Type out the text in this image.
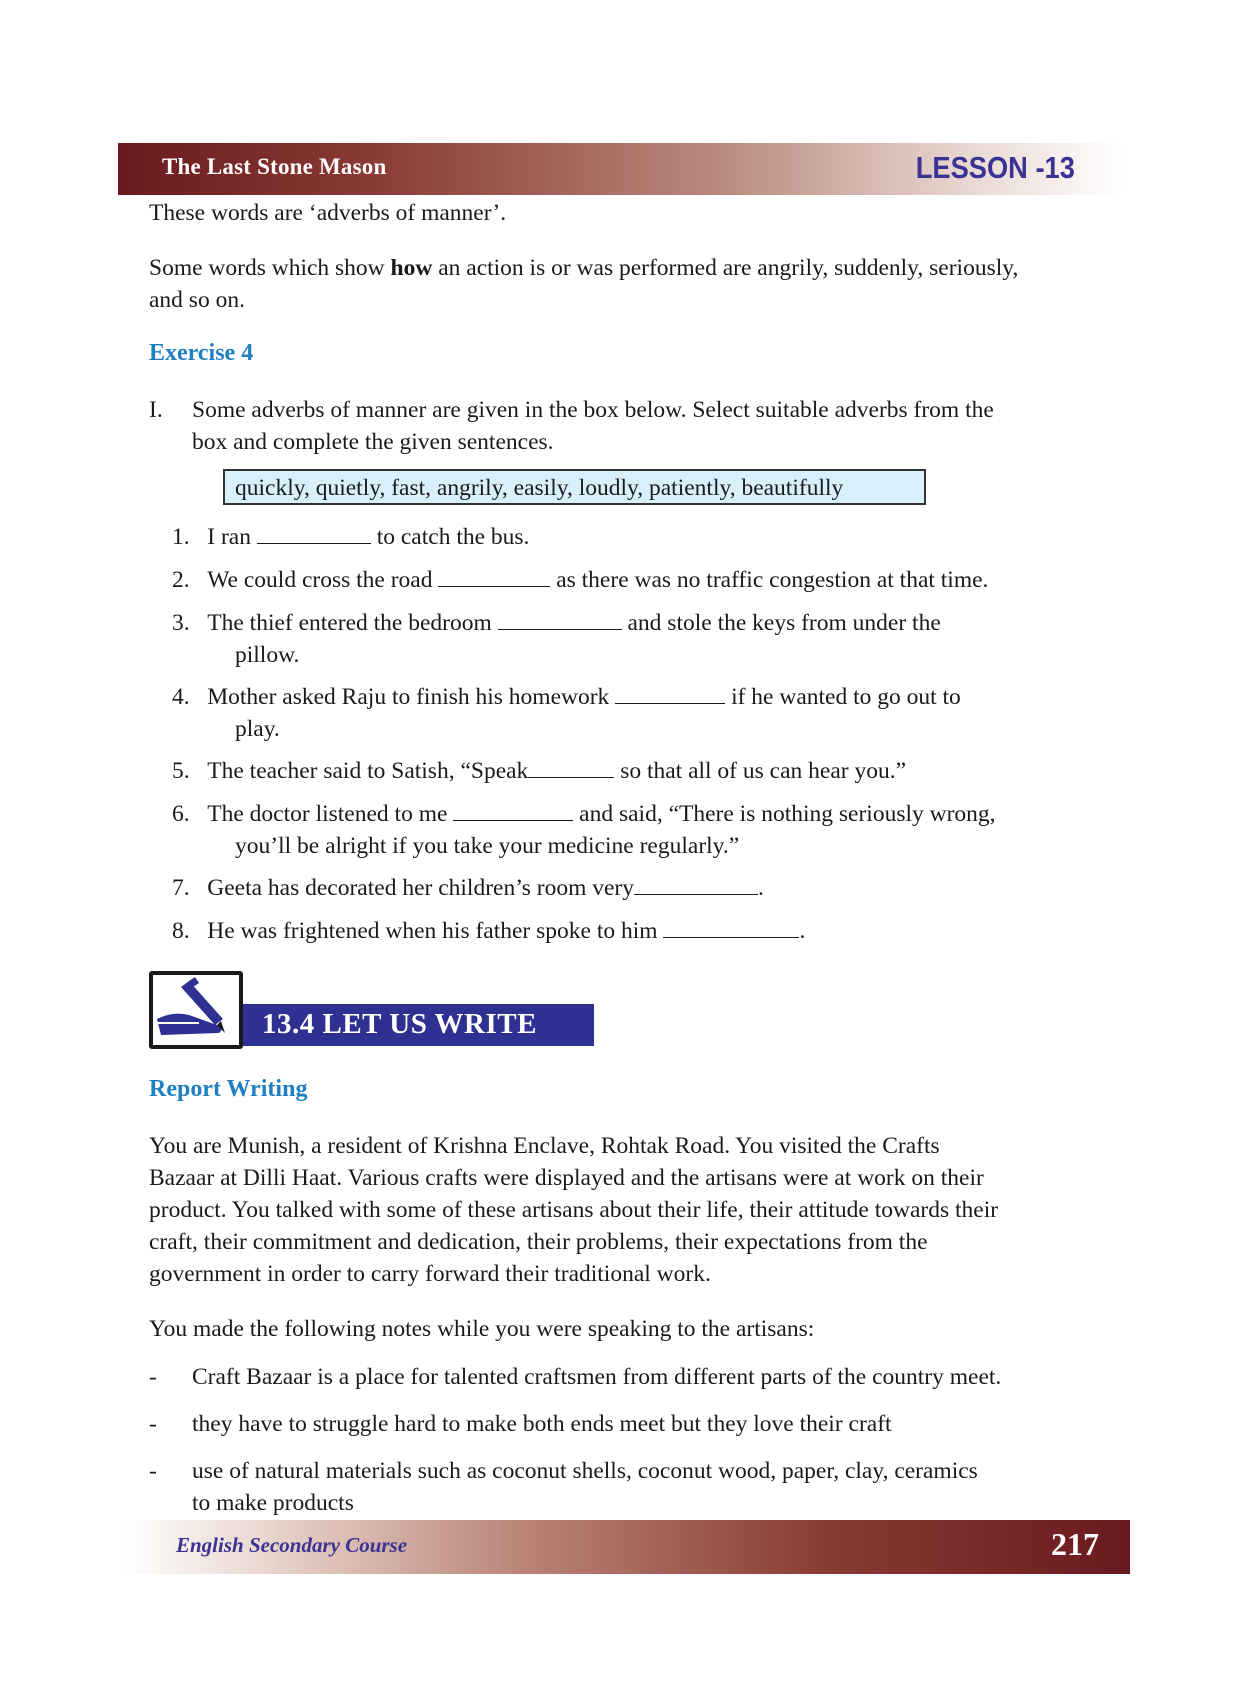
The Last Stone Mason	LESSON -13
These words are ‘adverbs of manner’.
Some words which show how an action is or was performed are angrily, suddenly, seriously,
and so on.
Exercise 4
I. Some adverbs of manner are given in the box below. Select suitable adverbs from the
box and complete the given sentences.
quickly, quietly, fast, angrily, easily, loudly, patiently, beautifully
1. I ran	to catch the bus.
2. We could cross the road	as there was no traffic congestion at that time.
3. The thief entered the bedroom	and stole the keys from under the
pillow.
4. Mother asked Raju to finish his homework	if he wanted to go out to
play.
5. The teacher said to Satish, “Speak	so that all of us can hear you.”
6. The doctor listened to me	and said, “There is nothing seriously wrong,
you’ll be alright if you take your medicine regularly.”
7. Geeta has decorated her children’s room very	.
8. He was frightened when his father spoke to him	.
13.4 LET US WRITE
Report Writing
You are Munish, a resident of Krishna Enclave, Rohtak Road. You visited the Crafts
Bazaar at Dilli Haat. Various crafts were displayed and the artisans were at work on their
product. You talked with some of these artisans about their life, their attitude towards their
craft, their commitment and dedication, their problems, their expectations from the
government in order to carry forward their traditional work.
You made the following notes while you were speaking to the artisans:
- Craft Bazaar is a place for talented craftsmen from different parts of the country meet.
- they have to struggle hard to make both ends meet but they love their craft
- use of natural materials such as coconut shells, coconut wood, paper, clay, ceramics
to make products
English Secondary Course	217
